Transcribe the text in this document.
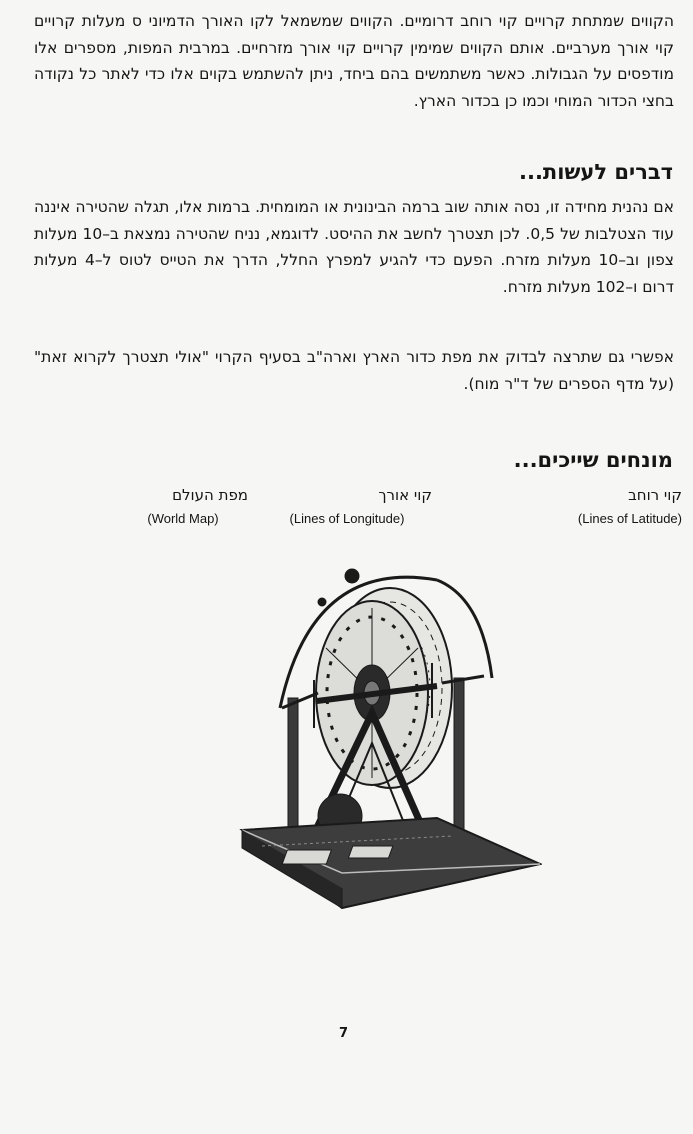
הקווים שמתחת קרויים קוי רוחב דרומיים. הקווים שמשמאל לקו האורך הדמיוני ס מעלות קרויים קוי אורך מערביים. אותם הקווים שמימין קרויים קוי אורך מזרחיים. במרבית המפות, מספרים אלו מודפסים על הגבולות. כאשר משתמשים בהם ביחד, ניתן להשתמש בקוים אלו כדי לאתר כל נקודה בחצי הכדור המוחי וכמו כן בכדור הארץ.

דברים לעשות...

אם נהנית מחידה זו, נסה אותה שוב ברמה הבינונית או המומחית. ברמות אלו, תגלה שהטירה איננה עוד הצטלבות של 0,5. לכן תצטרך לחשב את ההיסט. לדוגמא, נניח שהטירה נמצאת ב–10 מעלות צפון וב–10 מעלות מזרח. הפעם כדי להגיע למפרץ החלל, הדרך את הטייס לטוס ל–4 מעלות דרום ו–102 מעלות מזרח.

אפשרי גם שתרצה לבדוק את מפת כדור הארץ וארה"ב בסעיף הקרוי "אולי תצטרך לקרוא זאת" (על מדף הספרים של ד"ר מוח).

מונחים שייכים...
קוי רוחב
(Lines of Latitude)
קוי אורך
(Lines of Longitude)
מפת העולם
(World Map)
7
